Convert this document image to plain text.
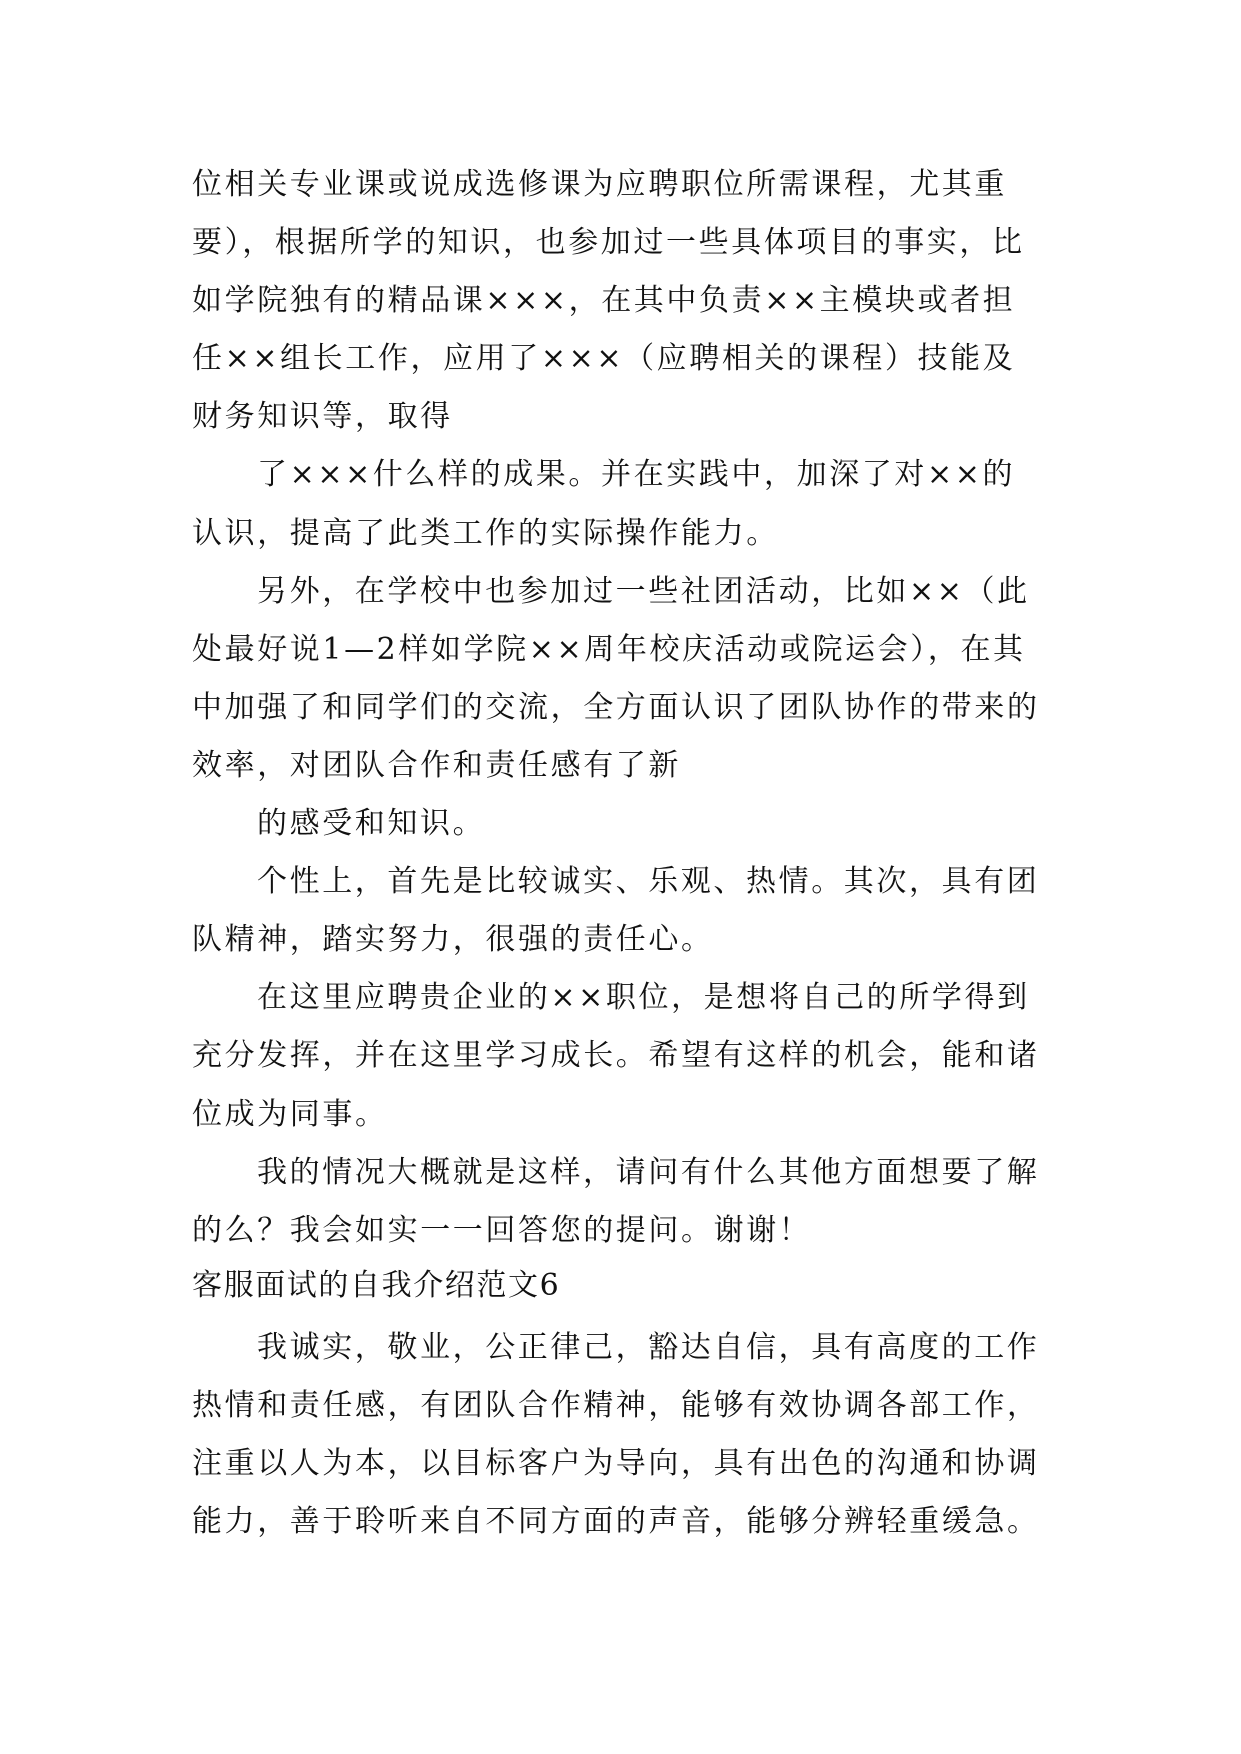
位相关专业课或说成选修课为应聘职位所需课程，尤其重
要），根据所学的知识，也参加过一些具体项目的事实，比
如学院独有的精品课×××，在其中负责××主模块或者担
任××组长工作，应用了×××（应聘相关的课程）技能及
财务知识等，取得
了×××什么样的成果。并在实践中，加深了对××的
认识，提高了此类工作的实际操作能力。
另外，在学校中也参加过一些社团活动，比如××（此
处最好说1—2样如学院××周年校庆活动或院运会），在其
中加强了和同学们的交流，全方面认识了团队协作的带来的
效率，对团队合作和责任感有了新
的感受和知识。
个性上，首先是比较诚实、乐观、热情。其次，具有团
队精神，踏实努力，很强的责任心。
在这里应聘贵企业的××职位，是想将自己的所学得到
充分发挥，并在这里学习成长。希望有这样的机会，能和诸
位成为同事。
我的情况大概就是这样，请问有什么其他方面想要了解
的么？我会如实一一回答您的提问。谢谢！
客服面试的自我介绍范文6
我诚实，敬业，公正律己，豁达自信，具有高度的工作
热情和责任感，有团队合作精神，能够有效协调各部工作，
注重以人为本，以目标客户为导向，具有出色的沟通和协调
能力，善于聆听来自不同方面的声音，能够分辨轻重缓急。
